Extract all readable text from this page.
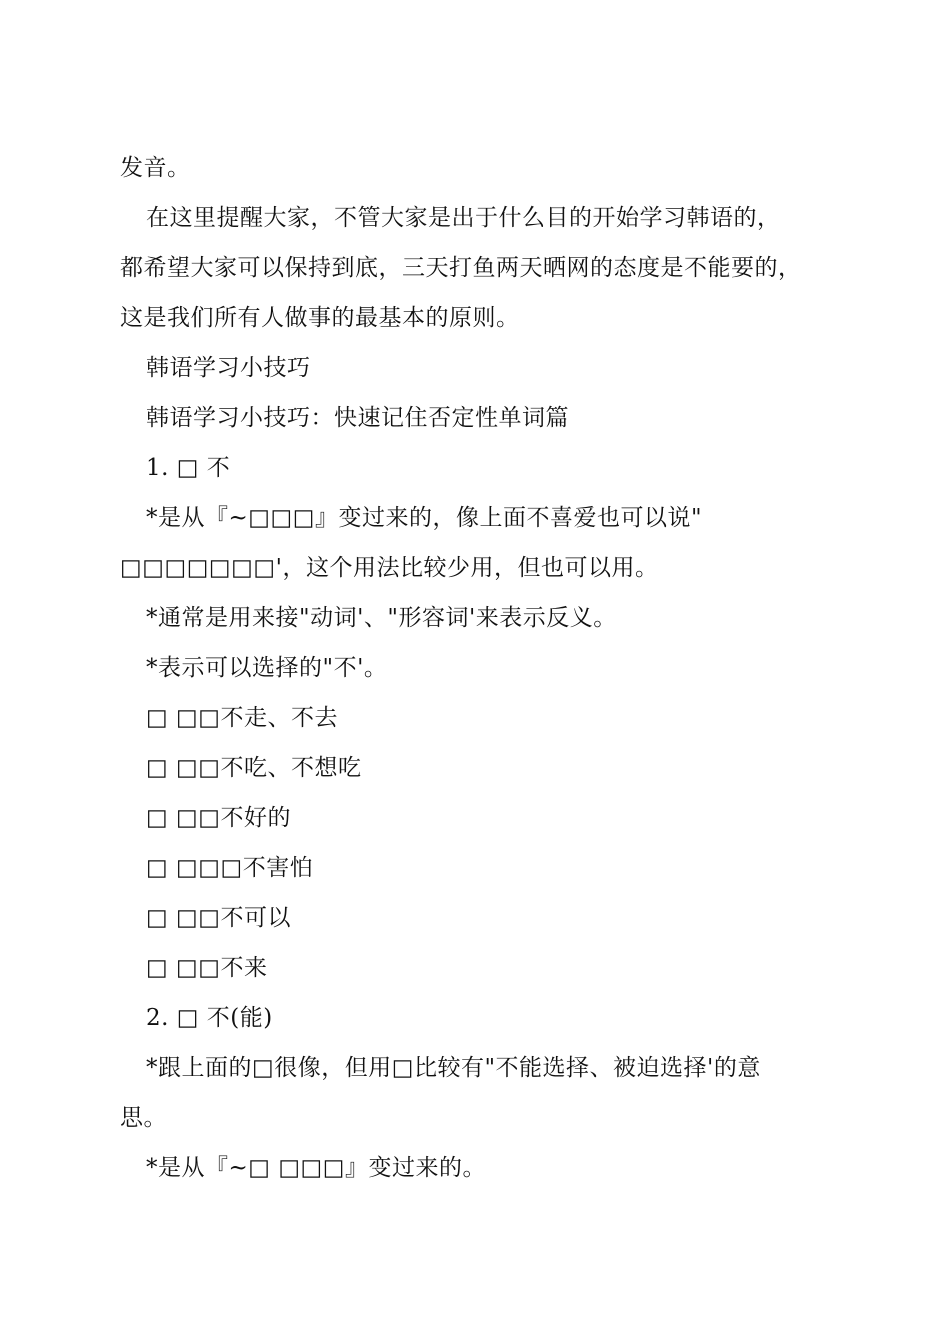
发音。
在这里提醒大家，不管大家是出于什么目的开始学习韩语的，
都希望大家可以保持到底，三天打鱼两天晒网的态度是不能要的，
这是我们所有人做事的最基本的原则。
韩语学习小技巧
韩语学习小技巧：快速记住否定性单词篇
1. □ 不
*是从『~□□□』变过来的，像上面不喜爱也可以说"
□□□□□□□'，这个用法比较少用，但也可以用。
*通常是用来接"动词'、"形容词'来表示反义。
*表示可以选择的"不'。
□ □□不走、不去
□ □□不吃、不想吃
□ □□不好的
□ □□□不害怕
□ □□不可以
□ □□不来
2. □ 不(能)
*跟上面的□很像，但用□比较有"不能选择、被迫选择'的意
思。
*是从『~□ □□□』变过来的。
